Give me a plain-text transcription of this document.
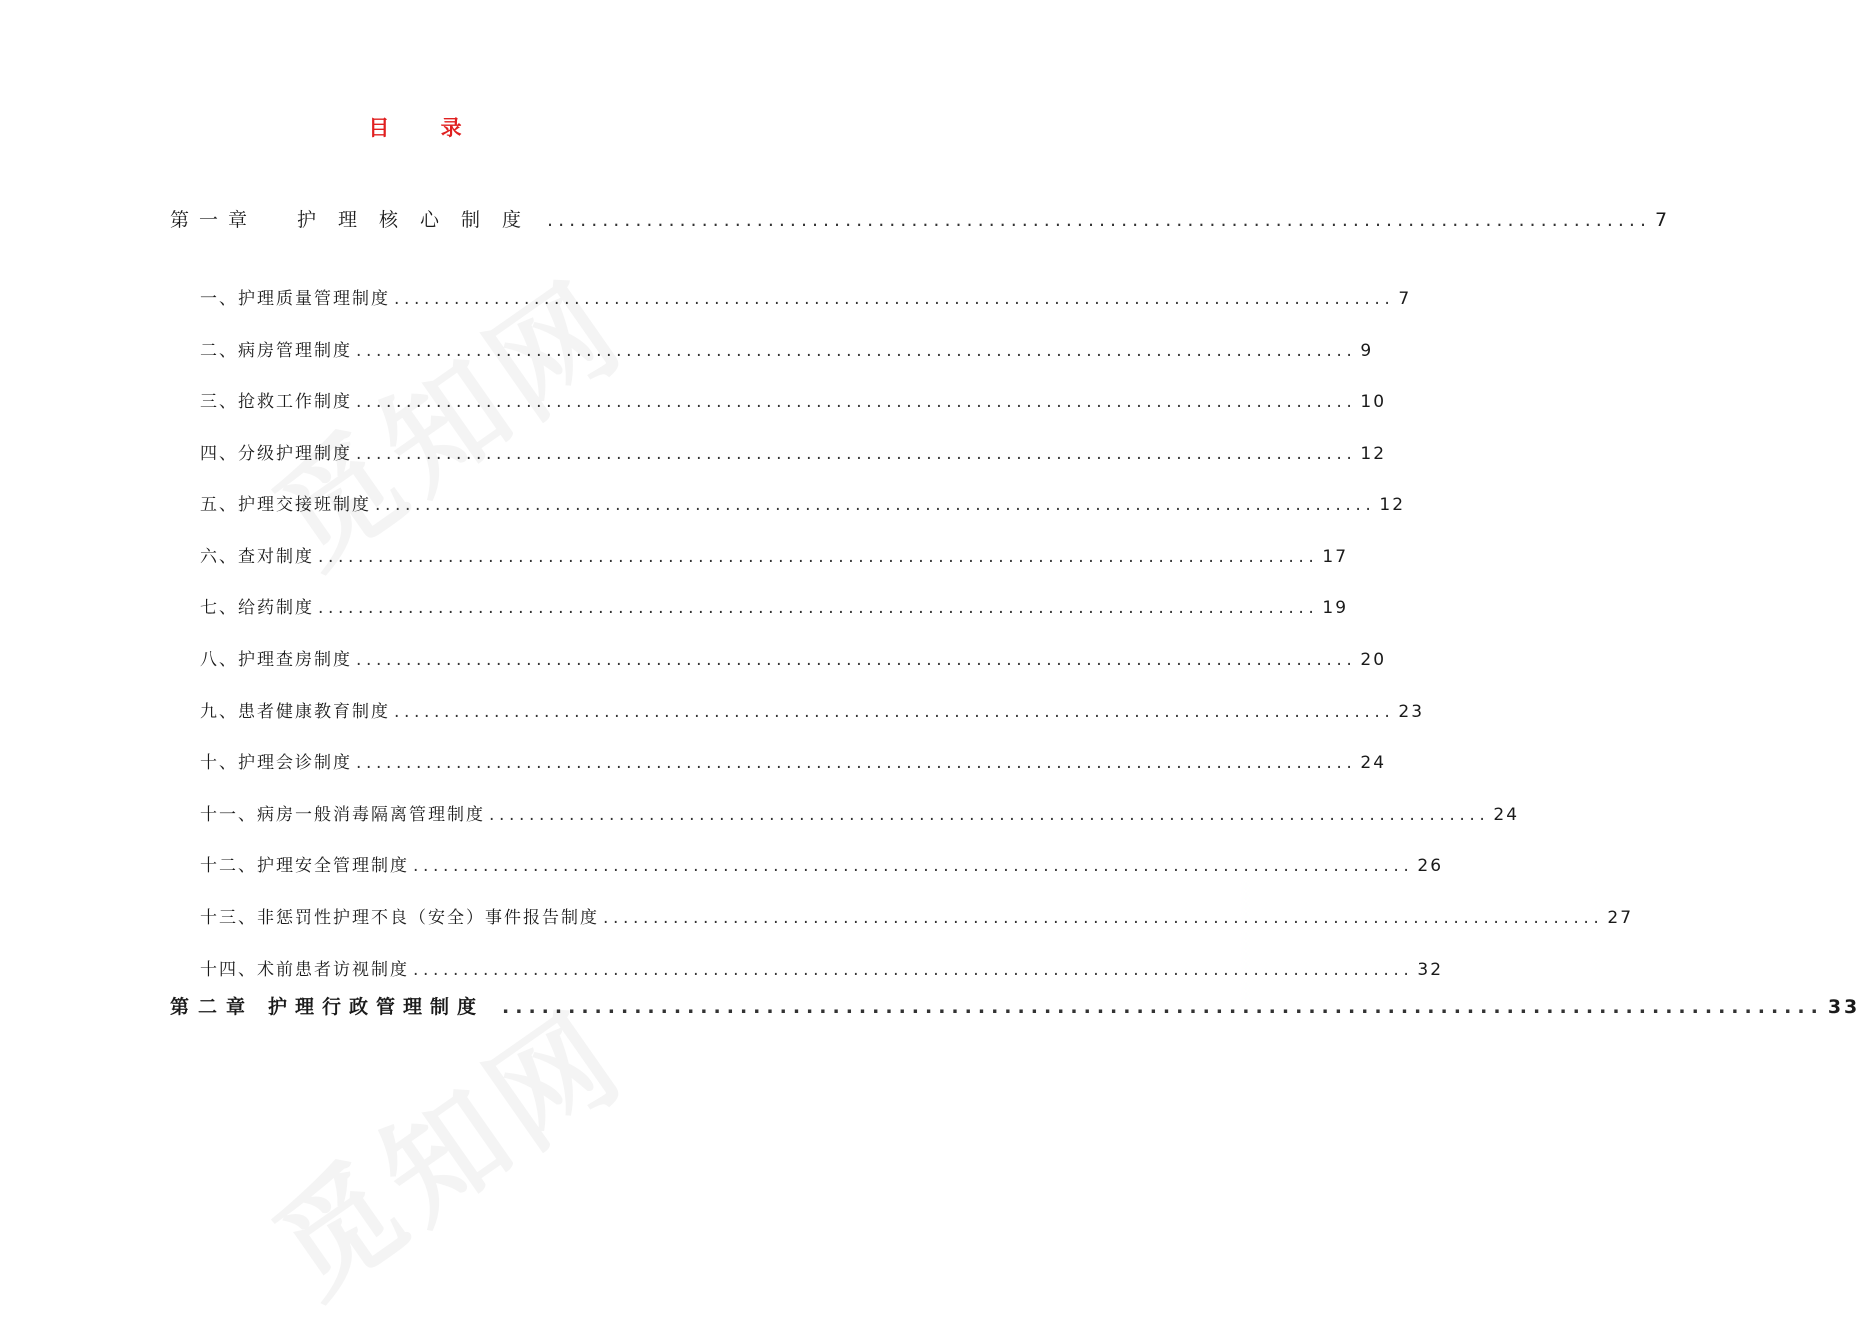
目 录
第一章 护理核心制度 .................................................................................................... 7
一、护理质量管理制度 .................................................................................................... 7
二、病房管理制度 .................................................................................................... 9
三、抢救工作制度 .................................................................................................... 10
四、分级护理制度 .................................................................................................... 12
五、护理交接班制度 .................................................................................................... 12
六、查对制度 .................................................................................................... 17
七、给药制度 .................................................................................................... 19
八、护理查房制度 .................................................................................................... 20
九、患者健康教育制度 .................................................................................................... 23
十、护理会诊制度 .................................................................................................... 24
十一、病房一般消毒隔离管理制度 .................................................................................................... 24
十二、护理安全管理制度 .................................................................................................... 26
十三、非惩罚性护理不良（安全）事件报告制度 .................................................................................................... 27
十四、术前患者访视制度 .................................................................................................... 32
第二章 护理行政管理制度 .................................................................................................... 33
